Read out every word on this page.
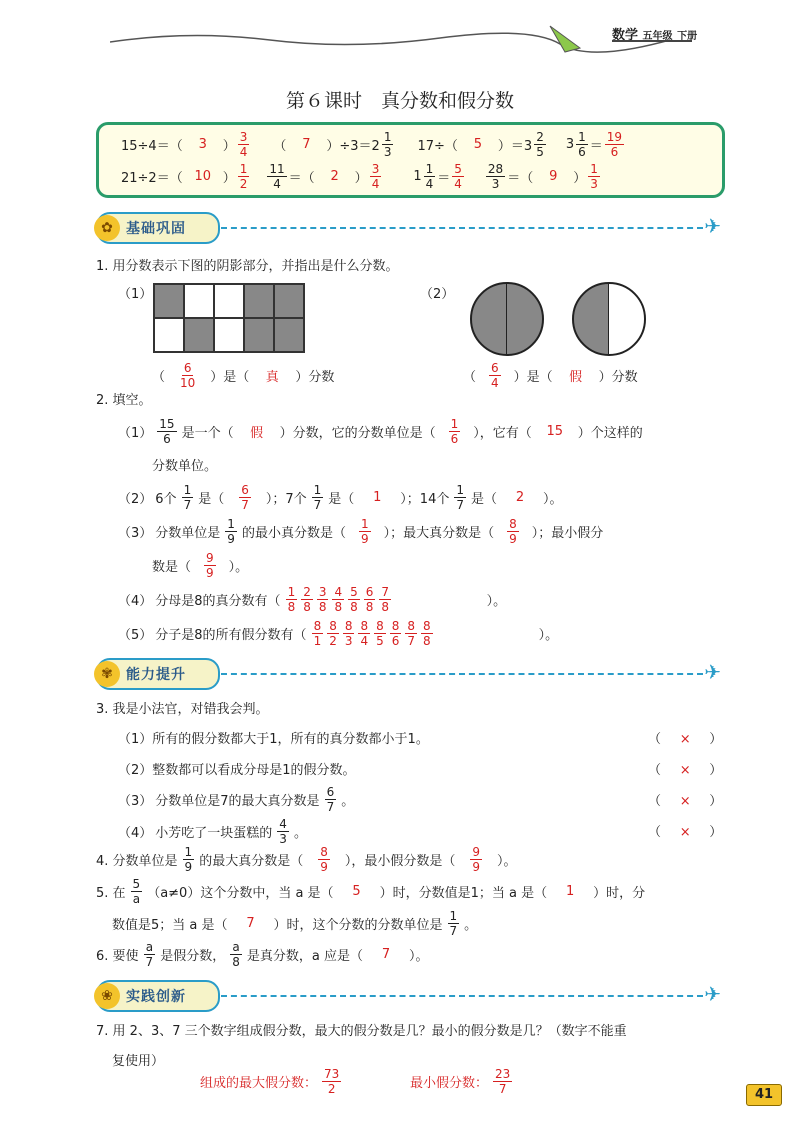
数学 五年级 下册
第６课时　真分数和假分数
15÷4＝（	3	） $\frac{3}{4}$ （	7	）$\div 3=2 \frac{1}{3} 17\div$（	5	）$=3 \frac{2}{5} 3 \frac{1}{6} = \frac{19}{6}$
21÷2＝（ 10 ） $\frac{1}{2} \frac{11}{4}$ ＝（	2	） $\frac{3}{4} 1 \frac{1}{4} = \frac{5}{4} \frac{28}{3}$ ＝（	9	） $\frac{1}{3}$
✿ 基础巩固	✈
1. 用分数表示下图的阴影部分，并指出是什么分数。
（1）
（ $\frac{6}{10}$ ）是（	真	）分数
（2）
（ $\frac{6}{4}$ ）是（	假	）分数
2. 填空。
$(1) \frac{15}{6}$ 是一个（	假	）分数，它的分数单位是（ $\frac{1}{6}$ ），它有（	15	）个这样的
分数单位。
（2） 6个 $\frac{1}{7}$ 是（ $\frac{6}{7}$ ）；7个 $\frac{1}{7}$ 是（	1	）；14个 $\frac{1}{7}$ 是（	2	）。
（3） 分数单位是 $\frac{1}{9}$ 的最小真分数是（ $\frac{1}{9}$ ）；最大真分数是（ $\frac{8}{9}$ ）；最小假分
数是（ $\frac{9}{9}$ ）。
（4） 分母是8的真分数有（ $\frac{1}{8} \frac{2}{8} \frac{3}{8} \frac{4}{8} \frac{5}{8} \frac{6}{8} \frac{7}{8}$	）。
（5） 分子是8的所有假分数有（ $\frac{8}{1} \frac{8}{2} \frac{8}{3} \frac{8}{4} \frac{8}{5} \frac{8}{6} \frac{8}{7} \frac{8}{8}$	）。
✾ 能力提升	✈
3. 我是小法官，对错我会判。
（1）所有的假分数都大于1，所有的真分数都小于1。	（ × ）
（2）整数都可以看成分母是1的假分数。	（ × ）
（3） 分数单位是7的最大真分数是 $\frac{6}{7}$ 。	（ × ）
（4） 小芳吃了一块蛋糕的 $\frac{4}{3}$ 。	（ × ）
4. 分数单位是 $\frac{1}{9}$ 的最大真分数是（ $\frac{8}{9}$ ），最小假分数是（ $\frac{9}{9}$ ）。
5. 在 $\frac{5}{a} (a\ne 0)$这个分数中，当 a 是（	5	）时，分数值是1；当 a 是（	1	）时，分
数值是5；当 a 是（	7	）时，这个分数的分数单位是 $\frac{1}{7}$ 。
6. 要使 $\frac{a}{7}$ 是假分数， $\frac{a}{8}$ 是真分数，a 应是（	7	）。
❀ 实践创新	✈
7. 用 2、3、7 三个数字组成假分数，最大的假分数是几？最小的假分数是几？（数字不能重
复使用）
组成的最大假分数： $\frac{73}{2}$	最小假分数： $\frac{23}{7}$	41
